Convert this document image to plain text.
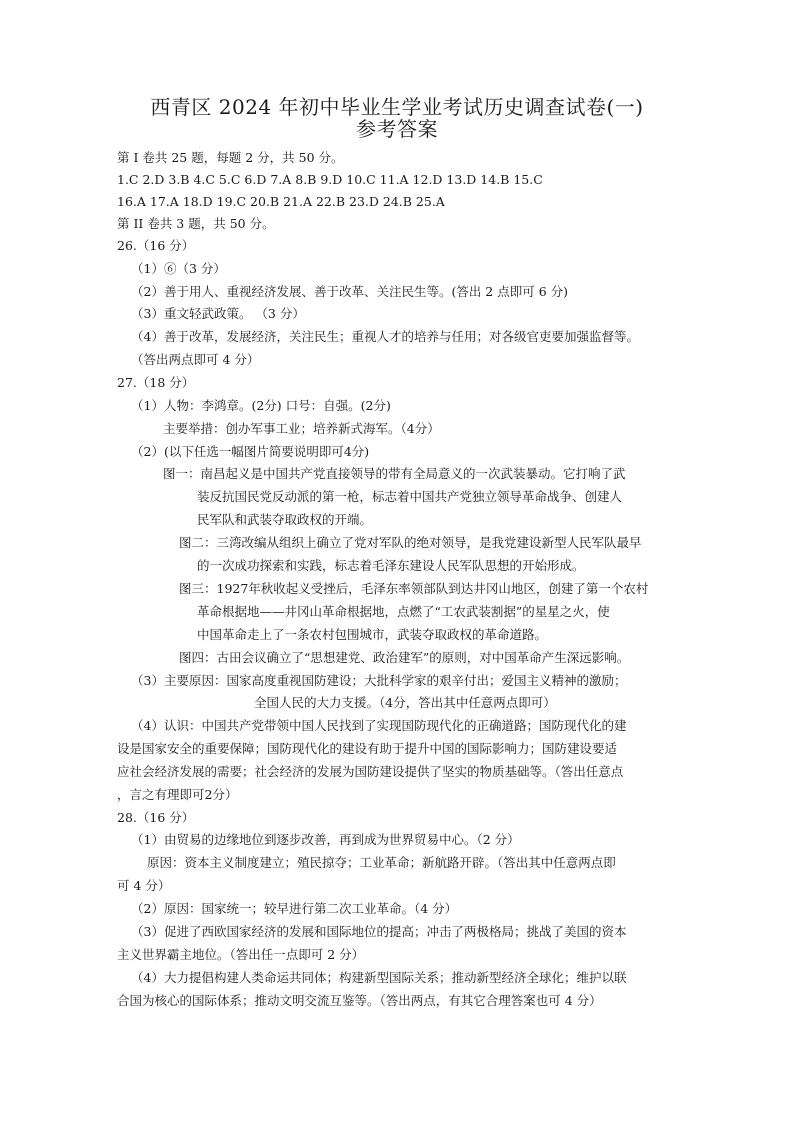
西青区 2024 年初中毕业生学业考试历史调查试卷(一)
参考答案
第 I 卷共 25 题，每题 2 分，共 50 分。
1.C 2.D 3.B 4.C 5.C 6.D 7.A 8.B 9.D 10.C 11.A 12.D 13.D 14.B 15.C
16.A 17.A 18.D 19.C 20.B 21.A 22.B 23.D 24.B 25.A
第 II 卷共 3 题，共 50 分。
26.（16 分）
（1）⑥（3 分）
（2）善于用人、重视经济发展、善于改革、关注民生等。(答出 2 点即可 6 分)
（3）重文轻武政策。 （3 分）
（4）善于改革，发展经济，关注民生；重视人才的培养与任用；对各级官吏要加强监督等。
（答出两点即可 4 分）
27.（18 分）
（1）人物：李鸿章。(2分) 口号：自强。(2分)
主要举措：创办军事工业；培养新式海军。（4分）
（2）(以下任选一幅图片简要说明即可4分)
图一：南昌起义是中国共产党直接领导的带有全局意义的一次武装暴动。它打响了武
装反抗国民党反动派的第一枪，标志着中国共产党独立领导革命战争、创建人
民军队和武装夺取政权的开端。
图二：三湾改编从组织上确立了党对军队的绝对领导，是我党建设新型人民军队最早
的一次成功探索和实践，标志着毛泽东建设人民军队思想的开始形成。
图三：1927年秋收起义受挫后，毛泽东率领部队到达井冈山地区，创建了第一个农村
革命根据地——井冈山革命根据地，点燃了“工农武装割据”的星星之火，使
中国革命走上了一条农村包围城市，武装夺取政权的革命道路。
图四：古田会议确立了“思想建党、政治建军”的原则，对中国革命产生深远影响。
（3）主要原因：国家高度重视国防建设；大批科学家的艰辛付出；爱国主义精神的激励；
全国人民的大力支援。（4分，答出其中任意两点即可）
（4）认识：中国共产党带领中国人民找到了实现国防现代化的正确道路；国防现代化的建
设是国家安全的重要保障；国防现代化的建设有助于提升中国的国际影响力；国防建设要适
应社会经济发展的需要；社会经济的发展为国防建设提供了坚实的物质基础等。（答出任意点
，言之有理即可2分）
28.（16 分）
（1）由贸易的边缘地位到逐步改善，再到成为世界贸易中心。（2 分）
原因：资本主义制度建立；殖民掠夺；工业革命；新航路开辟。（答出其中任意两点即
可 4 分）
（2）原因：国家统一；较早进行第二次工业革命。（4 分）
（3）促进了西欧国家经济的发展和国际地位的提高；冲击了两极格局；挑战了美国的资本
主义世界霸主地位。（答出任一点即可 2 分）
（4）大力提倡构建人类命运共同体；构建新型国际关系；推动新型经济全球化；维护以联
合国为核心的国际体系；推动文明交流互鉴等。（答出两点，有其它合理答案也可 4 分）
